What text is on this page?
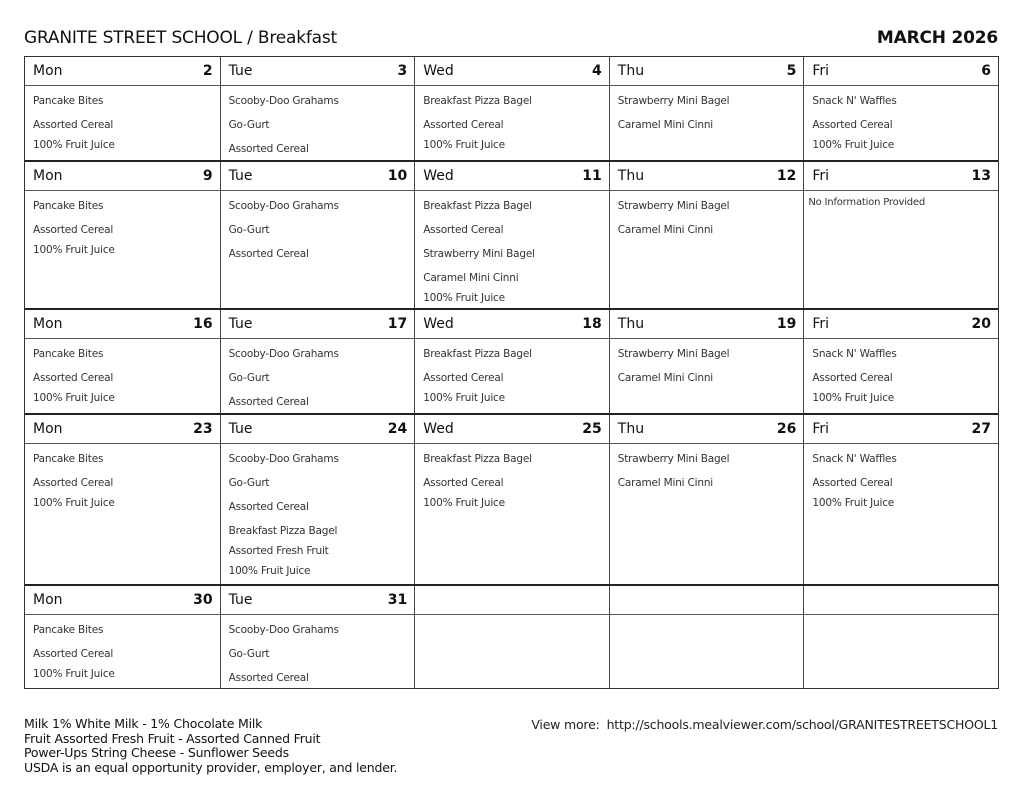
GRANITE STREET SCHOOL / Breakfast	MARCH 2026
Mon	2
Pancake Bites
Assorted Cereal
100% Fruit Juice
Tue	3
Scooby-Doo Grahams
Go-Gurt
Assorted Cereal
Wed	4
Breakfast Pizza Bagel
Assorted Cereal
100% Fruit Juice
Thu	5
Strawberry Mini Bagel
Caramel Mini Cinni
Fri	6
Snack N' Waffles
Assorted Cereal
100% Fruit Juice
Mon	9
Pancake Bites
Assorted Cereal
100% Fruit Juice
Tue	10
Scooby-Doo Grahams
Go-Gurt
Assorted Cereal
Wed	11
Breakfast Pizza Bagel
Assorted Cereal
Strawberry Mini Bagel
Caramel Mini Cinni
100% Fruit Juice
Thu	12
Strawberry Mini Bagel
Caramel Mini Cinni
Fri	13
No Information Provided
Mon	16
Pancake Bites
Assorted Cereal
100% Fruit Juice
Tue	17
Scooby-Doo Grahams
Go-Gurt
Assorted Cereal
Wed	18
Breakfast Pizza Bagel
Assorted Cereal
100% Fruit Juice
Thu	19
Strawberry Mini Bagel
Caramel Mini Cinni
Fri	20
Snack N' Waffles
Assorted Cereal
100% Fruit Juice
Mon	23
Pancake Bites
Assorted Cereal
100% Fruit Juice
Tue	24
Scooby-Doo Grahams
Go-Gurt
Assorted Cereal
Breakfast Pizza Bagel
Assorted Fresh Fruit
100% Fruit Juice
Wed	25
Breakfast Pizza Bagel
Assorted Cereal
100% Fruit Juice
Thu	26
Strawberry Mini Bagel
Caramel Mini Cinni
Fri	27
Snack N' Waffles
Assorted Cereal
100% Fruit Juice
Mon	30
Pancake Bites
Assorted Cereal
100% Fruit Juice
Tue	31
Scooby-Doo Grahams
Go-Gurt
Assorted Cereal
Milk 1% White Milk - 1% Chocolate Milk
Fruit Assorted Fresh Fruit - Assorted Canned Fruit
Power-Ups String Cheese - Sunflower Seeds
USDA is an equal opportunity provider, employer, and lender.
View more: http://schools.mealviewer.com/school/GRANITESTREETSCHOOL1
